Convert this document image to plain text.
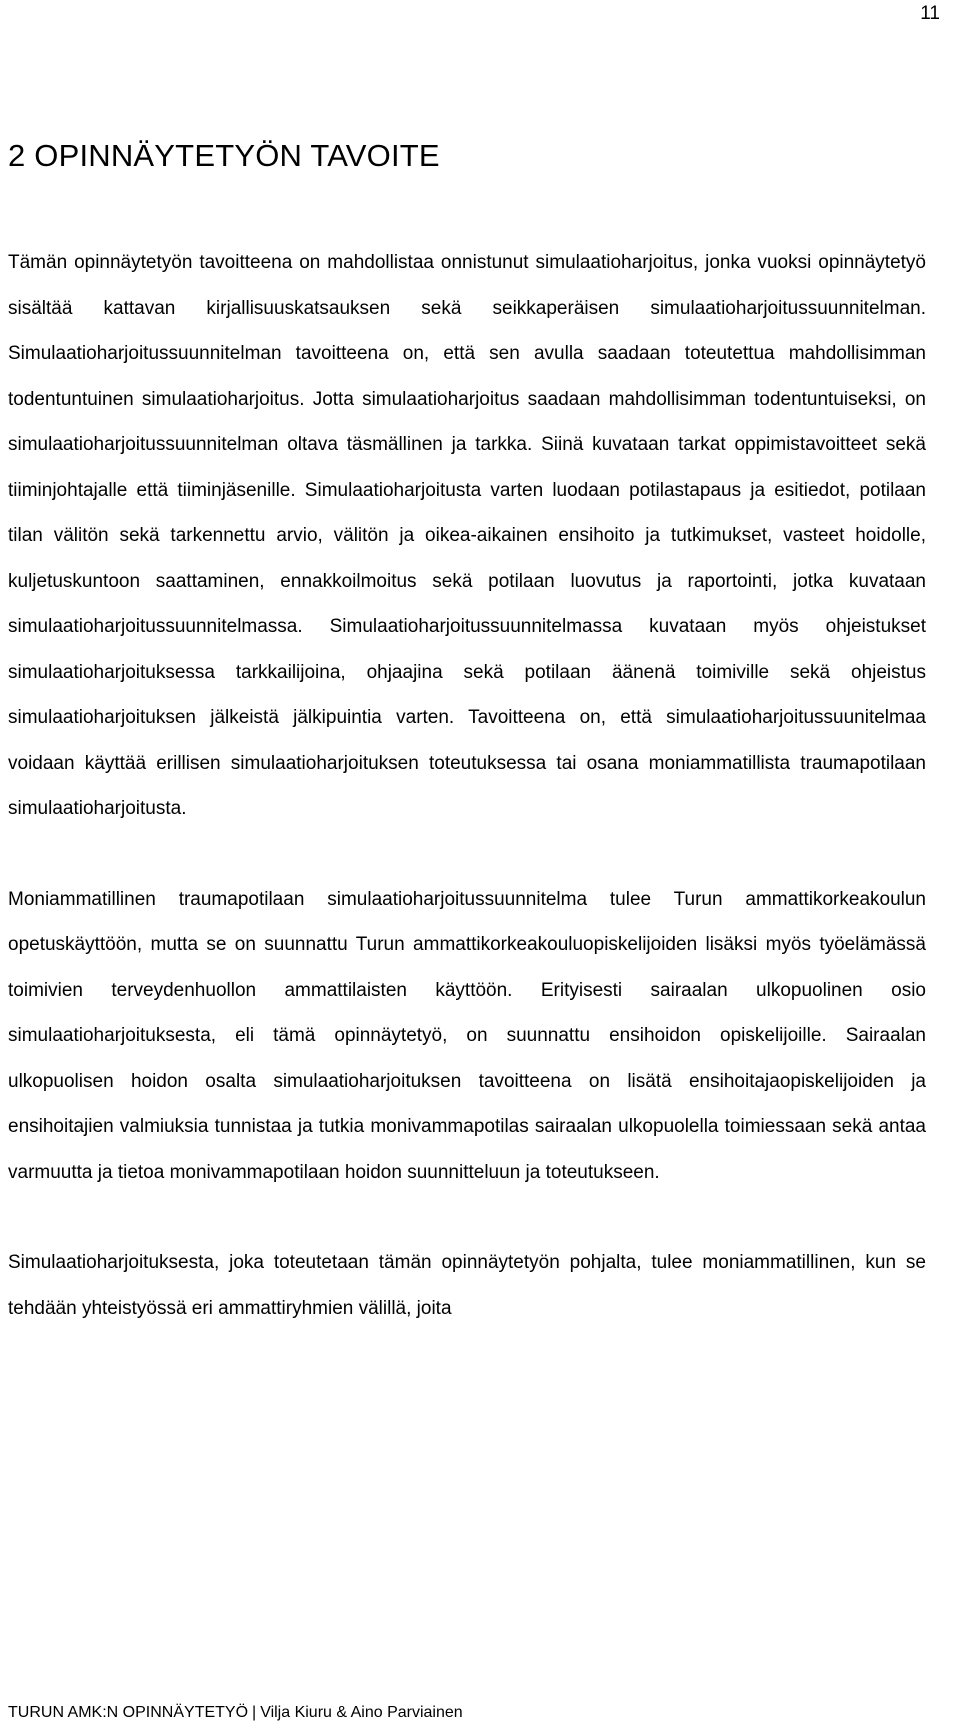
11
2 OPINNÄYTETYÖN TAVOITE

Tämän opinnäytetyön tavoitteena on mahdollistaa onnistunut simulaatioharjoitus, jonka vuoksi opinnäytetyö sisältää kattavan kirjallisuuskatsauksen sekä seikkaperäisen simulaatioharjoitussuunnitelman. Simulaatioharjoitussuunnitelman tavoitteena on, että sen avulla saadaan toteutettua mahdollisimman todentuntuinen simulaatioharjoitus. Jotta simulaatioharjoitus saadaan mahdollisimman todentuntuiseksi, on simulaatioharjoitussuunnitelman oltava täsmällinen ja tarkka. Siinä kuvataan tarkat oppimistavoitteet sekä tiiminjohtajalle että tiiminjäsenille. Simulaatioharjoitusta varten luodaan potilastapaus ja esitiedot, potilaan tilan välitön sekä tarkennettu arvio, välitön ja oikea-aikainen ensihoito ja tutkimukset, vasteet hoidolle, kuljetuskuntoon saattaminen, ennakkoilmoitus sekä potilaan luovutus ja raportointi, jotka kuvataan simulaatioharjoitussuunnitelmassa. Simulaatioharjoitussuunnitelmassa kuvataan myös ohjeistukset simulaatioharjoituksessa tarkkailijoina, ohjaajina sekä potilaan äänenä toimiville sekä ohjeistus simulaatioharjoituksen jälkeistä jälkipuintia varten. Tavoitteena on, että simulaatioharjoitussuunitelmaa voidaan käyttää erillisen simulaatioharjoituksen toteutuksessa tai osana moniammatillista traumapotilaan simulaatioharjoitusta.

Moniammatillinen traumapotilaan simulaatioharjoitussuunnitelma tulee Turun ammattikorkeakoulun opetuskäyttöön, mutta se on suunnattu Turun ammattikorkeakouluopiskelijoiden lisäksi myös työelämässä toimivien terveydenhuollon ammattilaisten käyttöön. Erityisesti sairaalan ulkopuolinen osio simulaatioharjoituksesta, eli tämä opinnäytetyö, on suunnattu ensihoidon opiskelijoille. Sairaalan ulkopuolisen hoidon osalta simulaatioharjoituksen tavoitteena on lisätä ensihoitajaopiskelijoiden ja ensihoitajien valmiuksia tunnistaa ja tutkia monivammapotilas sairaalan ulkopuolella toimiessaan sekä antaa varmuutta ja tietoa monivammapotilaan hoidon suunnitteluun ja toteutukseen.

Simulaatioharjoituksesta, joka toteutetaan tämän opinnäytetyön pohjalta, tulee moniammatillinen, kun se tehdään yhteistyössä eri ammattiryhmien välillä, joita

TURUN AMK:N OPINNÄYTETYÖ | Vilja Kiuru & Aino Parviainen
